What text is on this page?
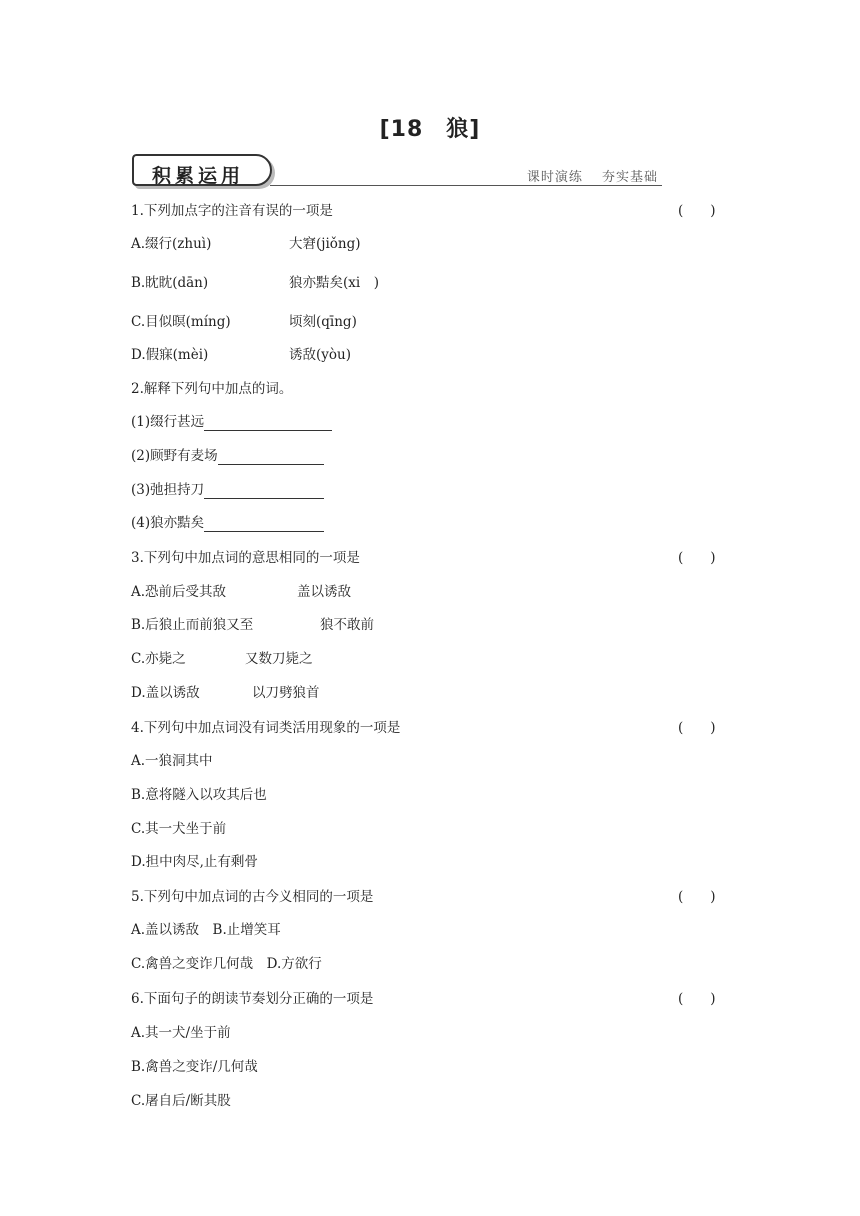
[18　狼]
积累运用	课时演练 夯实基础
1.下列加点字的注音有误的一项是	(　　)
A.缀行(zhuì)	大窘(jiǒng)
B.眈眈(dān)	狼亦黠矣(xi　)
C.目似暝(míng)	顷刻(qīng)
D.假寐(mèi)	诱敌(yòu)
2.解释下列句中加点的词。
(1)缀行甚远
(2)顾野有麦场
(3)弛担持刀
(4)狼亦黠矣
3.下列句中加点词的意思相同的一项是	(　　)
A.恐前后受其敌	盖以诱敌
B.后狼止而前狼又至	狼不敢前
C.亦毙之	又数刀毙之
D.盖以诱敌	以刀劈狼首
4.下列句中加点词没有词类活用现象的一项是	(　　)
A.一狼洞其中
B.意将隧入以攻其后也
C.其一犬坐于前
D.担中肉尽,止有剩骨
5.下列句中加点词的古今义相同的一项是	(　　)
A.盖以诱敌　B.止增笑耳
C.禽兽之变诈几何哉　D.方欲行
6.下面句子的朗读节奏划分正确的一项是	(　　)
A.其一犬/坐于前
B.禽兽之变诈/几何哉
C.屠自后/断其股
